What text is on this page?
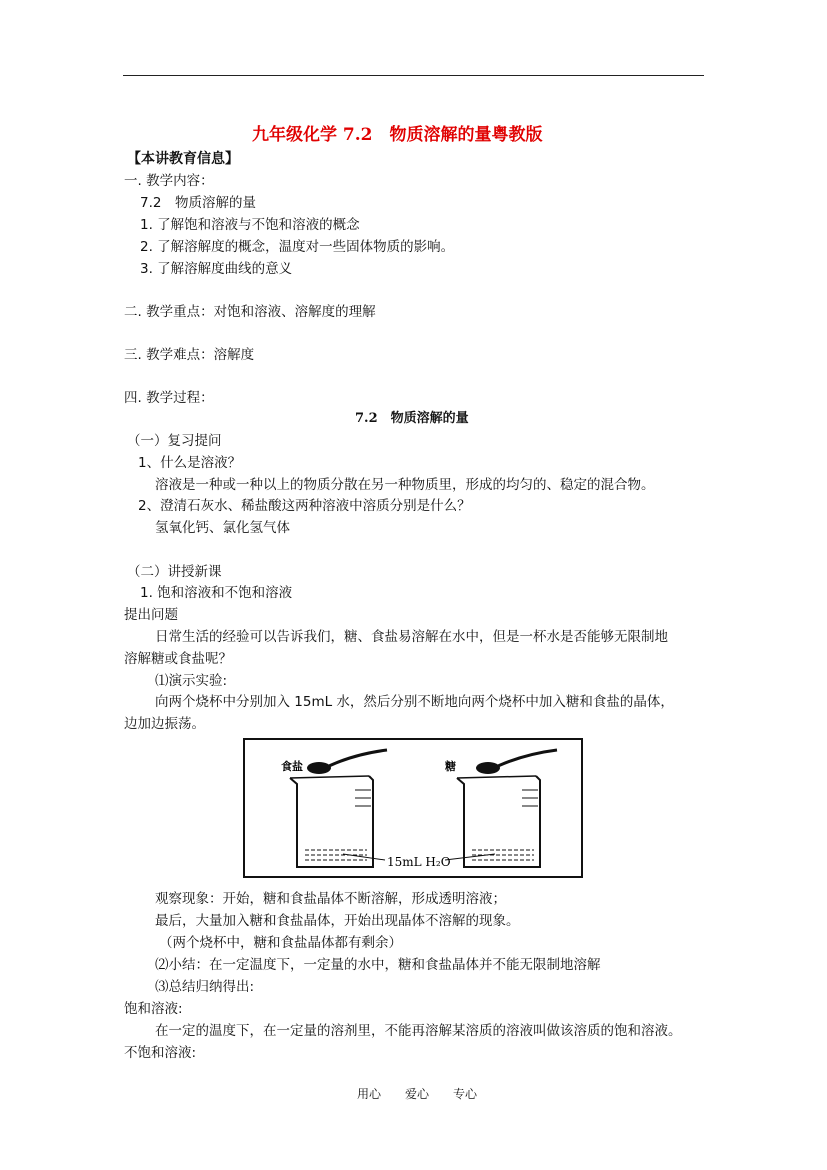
九年级化学 7.2　物质溶解的量粤教版
【本讲教育信息】
一. 教学内容：
7.2　物质溶解的量
1. 了解饱和溶液与不饱和溶液的概念
2. 了解溶解度的概念，温度对一些固体物质的影响。
3. 了解溶解度曲线的意义
二. 教学重点：对饱和溶液、溶解度的理解
三. 教学难点：溶解度
四. 教学过程：
7.2　物质溶解的量
（一）复习提问
1、什么是溶液？
溶液是一种或一种以上的物质分散在另一种物质里，形成的均匀的、稳定的混合物。
2、澄清石灰水、稀盐酸这两种溶液中溶质分别是什么？
氢氧化钙、氯化氢气体
（二）讲授新课
1. 饱和溶液和不饱和溶液
提出问题
日常生活的经验可以告诉我们，糖、食盐易溶解在水中，但是一杯水是否能够无限制地
溶解糖或食盐呢？
⑴演示实验:
向两个烧杯中分别加入 15mL 水，然后分别不断地向两个烧杯中加入糖和食盐的晶体，
边加边振荡。
食盐	糖
15mL H₂O
观察现象：开始，糖和食盐晶体不断溶解，形成透明溶液；
最后，大量加入糖和食盐晶体，开始出现晶体不溶解的现象。
（两个烧杯中，糖和食盐晶体都有剩余）
⑵小结：在一定温度下，一定量的水中，糖和食盐晶体并不能无限制地溶解
⑶总结归纳得出:
饱和溶液:
在一定的温度下，在一定量的溶剂里，不能再溶解某溶质的溶液叫做该溶质的饱和溶液。
不饱和溶液:
用心　　爱心　　专心
